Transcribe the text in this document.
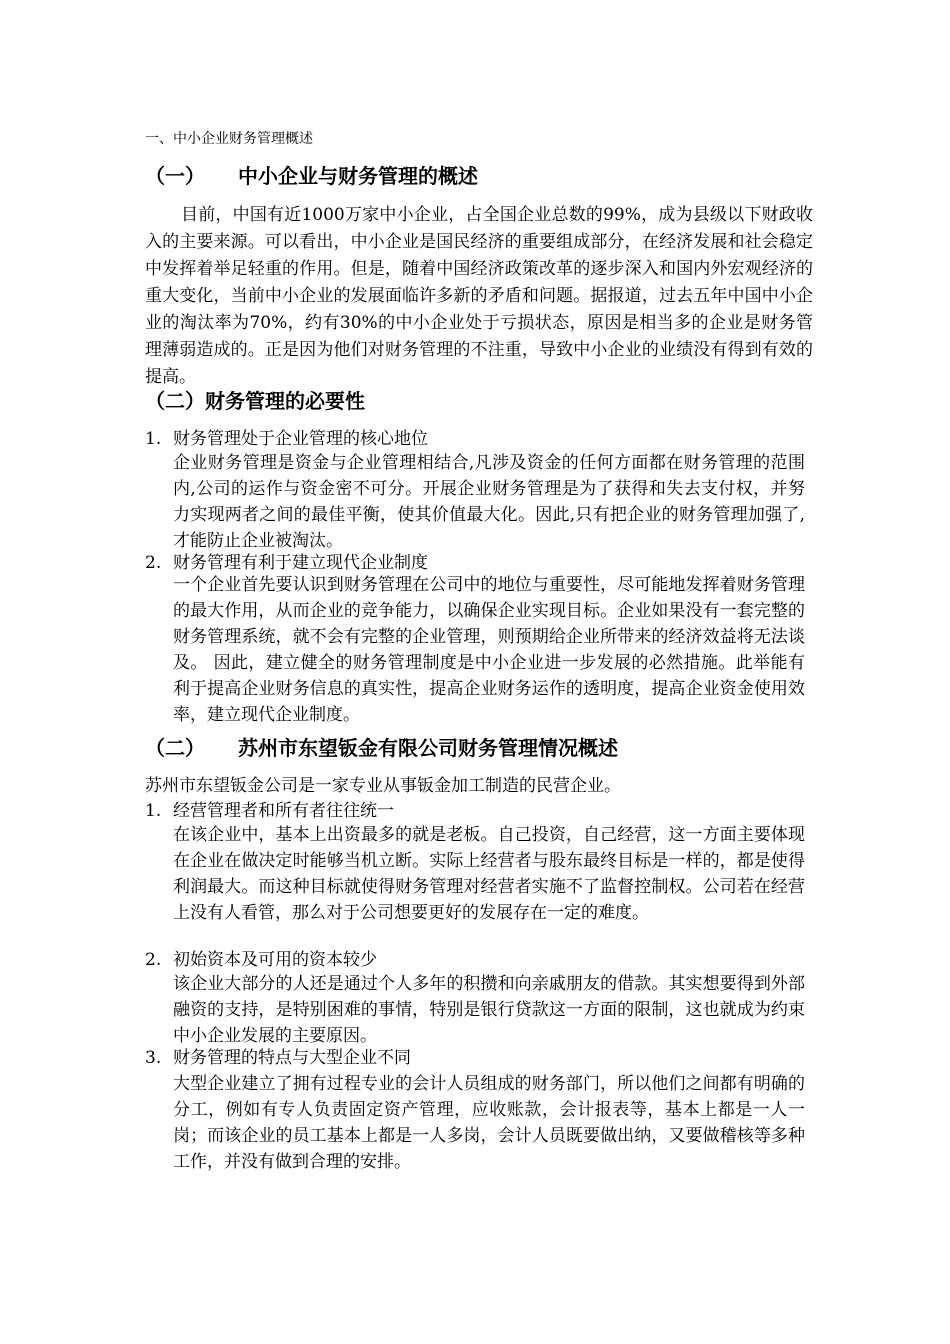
一、中小企业财务管理概述
（一） 中小企业与财务管理的概述
目前，中国有近1000万家中小企业，占全国企业总数的99%，成为县级以下财政收入的主要来源。可以看出，中小企业是国民经济的重要组成部分，在经济发展和社会稳定中发挥着举足轻重的作用。但是，随着中国经济政策改革的逐步深入和国内外宏观经济的重大变化，当前中小企业的发展面临许多新的矛盾和问题。据报道，过去五年中国中小企业的淘汰率为70%，约有30%的中小企业处于亏损状态，原因是相当多的企业是财务管理薄弱造成的。正是因为他们对财务管理的不注重，导致中小企业的业绩没有得到有效的提高。
（二）财务管理的必要性
1. 财务管理处于企业管理的核心地位
企业财务管理是资金与企业管理相结合,凡涉及资金的任何方面都在财务管理的范围内,公司的运作与资金密不可分。开展企业财务管理是为了获得和失去支付权，并努力实现两者之间的最佳平衡，使其价值最大化。因此,只有把企业的财务管理加强了,才能防止企业被淘汰。
2. 财务管理有利于建立现代企业制度
一个企业首先要认识到财务管理在公司中的地位与重要性，尽可能地发挥着财务管理的最大作用，从而企业的竞争能力，以确保企业实现目标。企业如果没有一套完整的财务管理系统，就不会有完整的企业管理，则预期给企业所带来的经济效益将无法谈及。 因此，建立健全的财务管理制度是中小企业进一步发展的必然措施。此举能有利于提高企业财务信息的真实性，提高企业财务运作的透明度，提高企业资金使用效率，建立现代企业制度。
（二） 苏州市东望钣金有限公司财务管理情况概述
苏州市东望钣金公司是一家专业从事钣金加工制造的民营企业。
1. 经营管理者和所有者往往统一
在该企业中，基本上出资最多的就是老板。自己投资，自己经营，这一方面主要体现在企业在做决定时能够当机立断。实际上经营者与股东最终目标是一样的，都是使得利润最大。而这种目标就使得财务管理对经营者实施不了监督控制权。公司若在经营上没有人看管，那么对于公司想要更好的发展存在一定的难度。
2. 初始资本及可用的资本较少
该企业大部分的人还是通过个人多年的积攒和向亲戚朋友的借款。其实想要得到外部融资的支持，是特别困难的事情，特别是银行贷款这一方面的限制，这也就成为约束中小企业发展的主要原因。
3. 财务管理的特点与大型企业不同
大型企业建立了拥有过程专业的会计人员组成的财务部门，所以他们之间都有明确的分工，例如有专人负责固定资产管理，应收账款，会计报表等，基本上都是一人一岗；而该企业的员工基本上都是一人多岗，会计人员既要做出纳，又要做稽核等多种工作，并没有做到合理的安排。
